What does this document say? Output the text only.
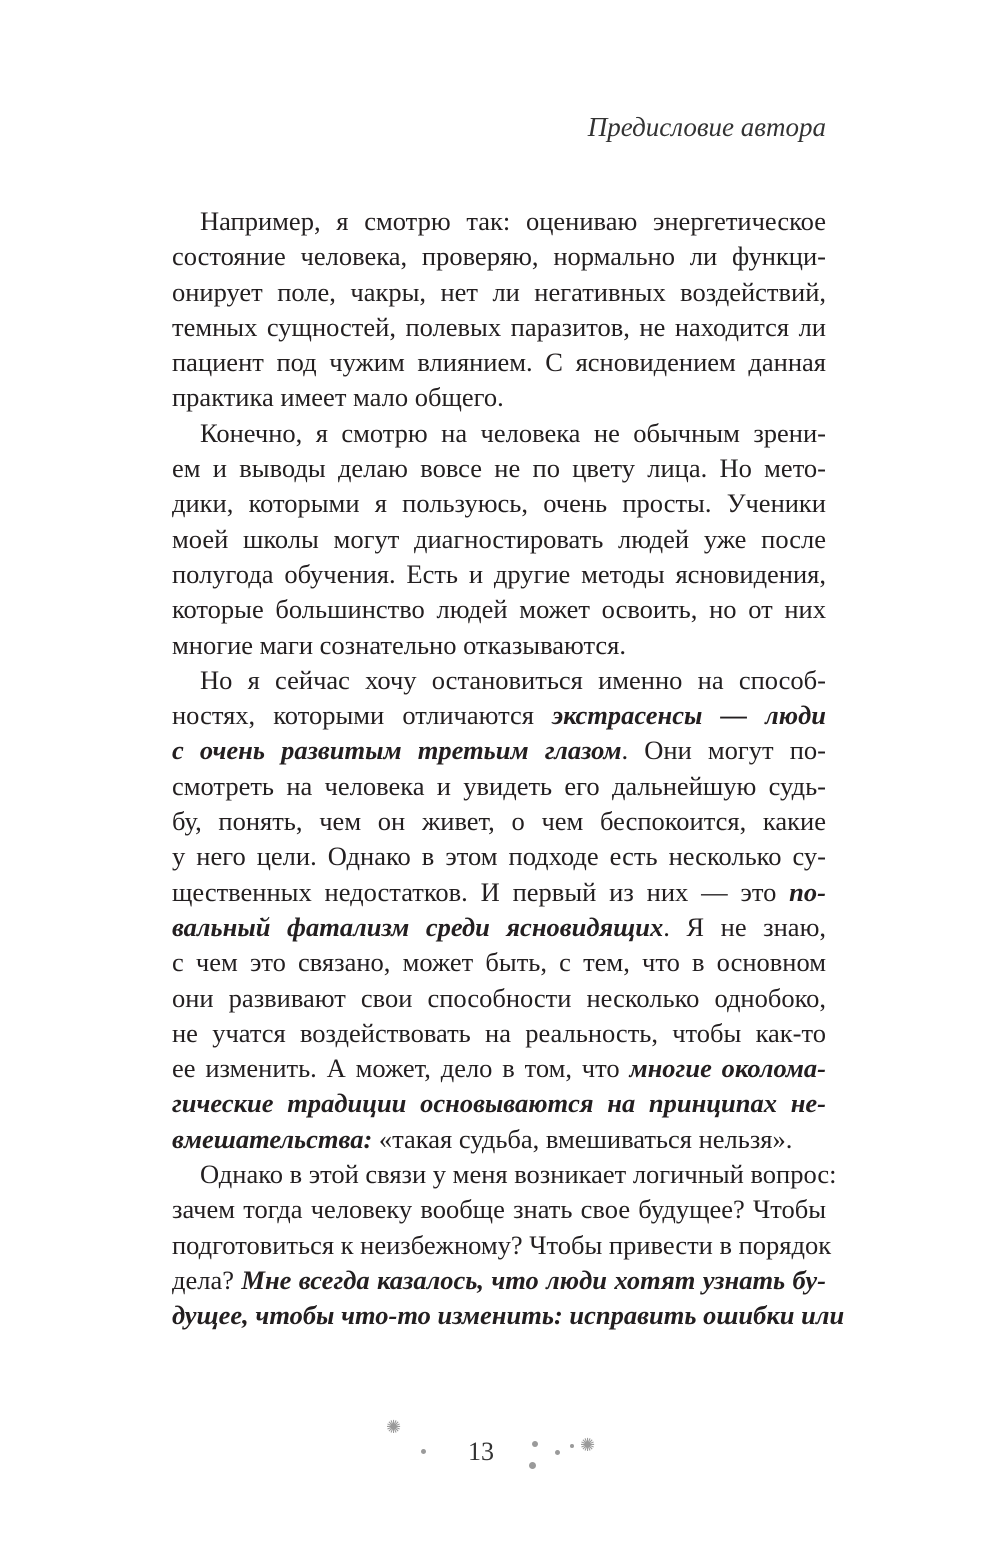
Предисловие автора
Например, я смотрю так: оцениваю энергетическое
состояние человека, проверяю, нормально ли функци-
онирует поле, чакры, нет ли негативных воздействий,
темных сущностей, полевых паразитов, не находится ли
пациент под чужим влиянием. С ясновидением данная
практика имеет мало общего.
Конечно, я смотрю на человека не обычным зрени-
ем и выводы делаю вовсе не по цвету лица. Но мето-
дики, которыми я пользуюсь, очень просты. Ученики
моей школы могут диагностировать людей уже после
полугода обучения. Есть и другие методы ясновидения,
которые большинство людей может освоить, но от них
многие маги сознательно отказываются.
Но я сейчас хочу остановиться именно на способ-
ностях, которыми отличаются экстрасенсы — люди
с очень развитым третьим глазом. Они могут по-
смотреть на человека и увидеть его дальнейшую судь-
бу, понять, чем он живет, о чем беспокоится, какие
у него цели. Однако в этом подходе есть несколько су-
щественных недостатков. И первый из них — это по-
вальный фатализм среди ясновидящих. Я не знаю,
с чем это связано, может быть, с тем, что в основном
они развивают свои способности несколько однобоко,
не учатся воздействовать на реальность, чтобы как-то
ее изменить. А может, дело в том, что многие околома-
гические традиции основываются на принципах не-
вмешательства: «такая судьба, вмешиваться нельзя».
Однако в этой связи у меня возникает логичный вопрос:
зачем тогда человеку вообще знать свое будущее? Чтобы
подготовиться к неизбежному? Чтобы привести в порядок
дела? Мне всегда казалось, что люди хотят узнать бу-
дущее, чтобы что-то изменить: исправить ошибки или
✺
✺
13
